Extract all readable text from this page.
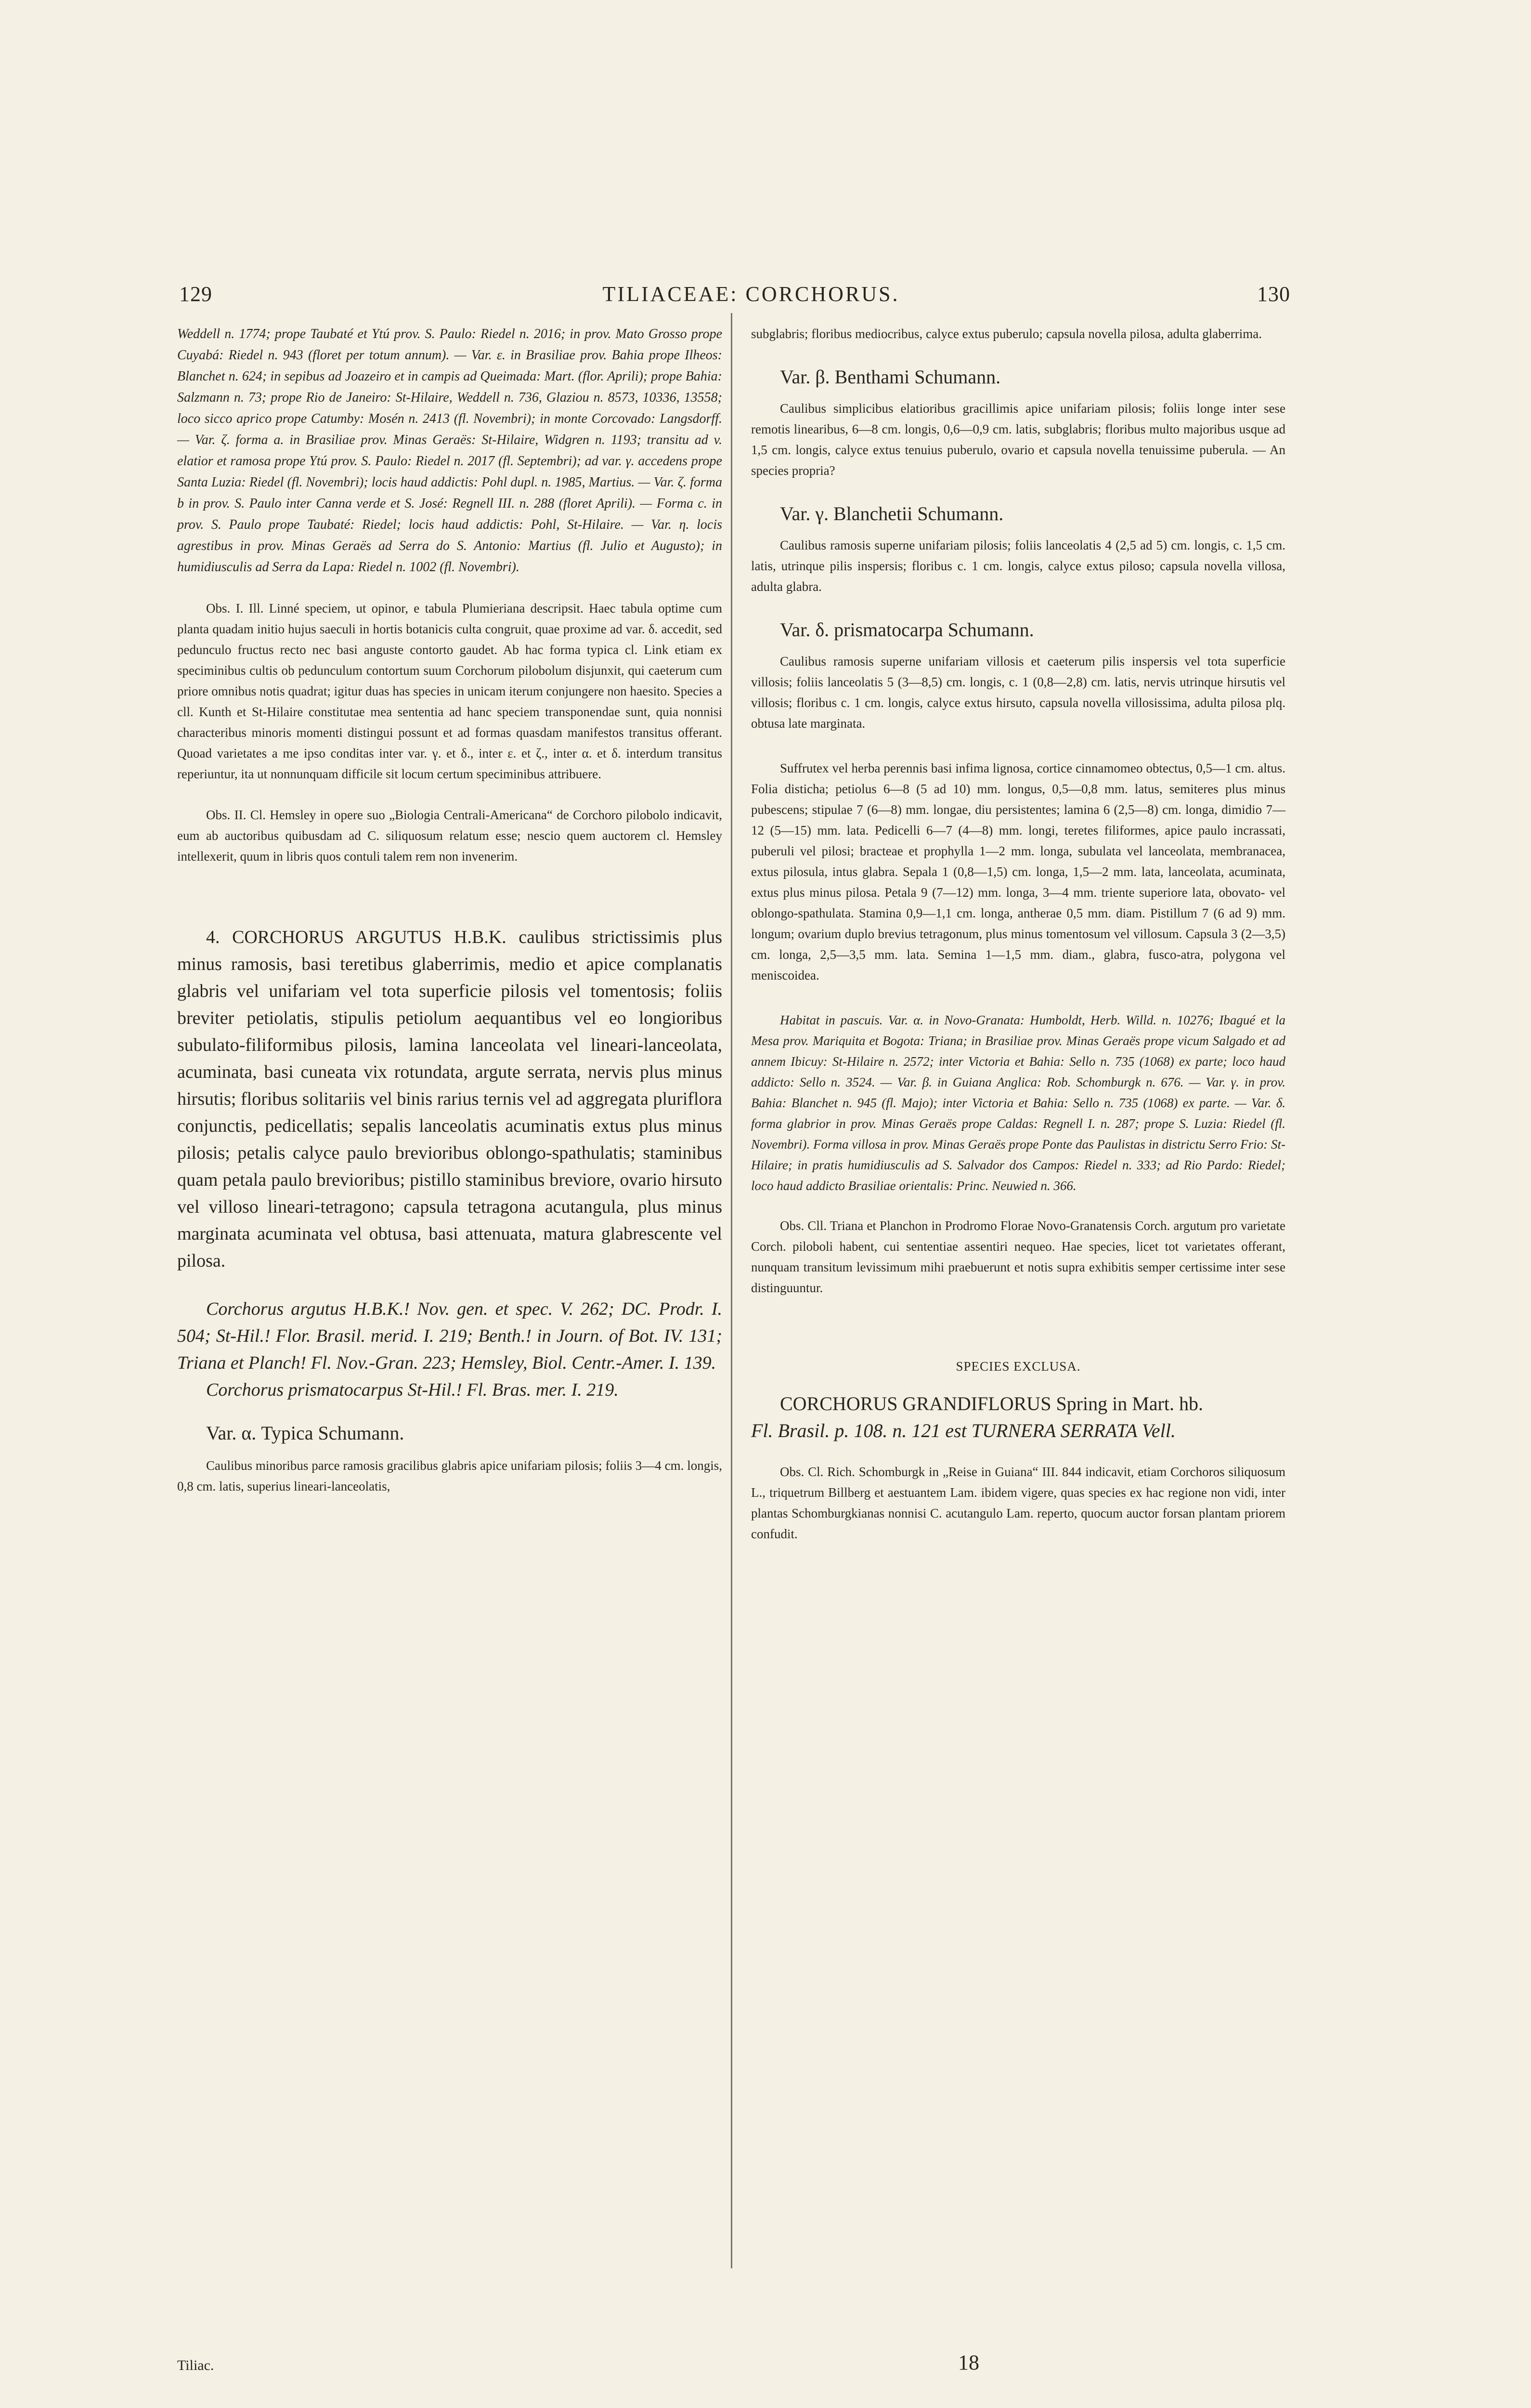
129	TILIACEAE: CORCHORUS.	130

Weddell n. 1774; prope Taubaté et Ytú prov. S. Paulo: Riedel n. 2016; in prov. Mato Grosso prope Cuyabá: Riedel n. 943 (floret per totum annum). — Var. ε. in Brasiliae prov. Bahia prope Ilheos: Blanchet n. 624; in sepibus ad Joazeiro et in campis ad Queimada: Mart. (flor. Aprili); prope Bahia: Salzmann n. 73; prope Rio de Janeiro: St-Hilaire, Weddell n. 736, Glaziou n. 8573, 10336, 13558; loco sicco aprico prope Catumby: Mosén n. 2413 (fl. Novembri); in monte Corcovado: Langsdorff. — Var. ζ. forma a. in Brasiliae prov. Minas Geraës: St-Hilaire, Widgren n. 1193; transitu ad v. elatior et ramosa prope Ytú prov. S. Paulo: Riedel n. 2017 (fl. Septembri); ad var. γ. accedens prope Santa Luzia: Riedel (fl. Novembri); locis haud addictis: Pohl dupl. n. 1985, Martius. — Var. ζ. forma b in prov. S. Paulo inter Canna verde et S. José: Regnell III. n. 288 (floret Aprili). — Forma c. in prov. S. Paulo prope Taubaté: Riedel; locis haud addictis: Pohl, St-Hilaire. — Var. η. locis agrestibus in prov. Minas Geraës ad Serra do S. Antonio: Martius (fl. Julio et Augusto); in humidiusculis ad Serra da Lapa: Riedel n. 1002 (fl. Novembri).

Obs. I. Ill. Linné speciem, ut opinor, e tabula Plumieriana descripsit. Haec tabula optime cum planta quadam initio hujus saeculi in hortis botanicis culta congruit, quae proxime ad var. δ. accedit, sed pedunculo fructus recto nec basi anguste contorto gaudet. Ab hac forma typica cl. Link etiam ex speciminibus cultis ob pedunculum contortum suum Corchorum pilobolum disjunxit, qui caeterum cum priore omnibus notis quadrat; igitur duas has species in unicam iterum conjungere non haesito. Species a cll. Kunth et St-Hilaire constitutae mea sententia ad hanc speciem transponendae sunt, quia nonnisi characteribus minoris momenti distingui possunt et ad formas quasdam manifestos transitus offerant. Quoad varietates a me ipso conditas inter var. γ. et δ., inter ε. et ζ., inter α. et δ. interdum transitus reperiuntur, ita ut nonnunquam difficile sit locum certum speciminibus attribuere.

Obs. II. Cl. Hemsley in opere suo „Biologia Centrali-Americana“ de Corchoro pilobolo indicavit, eum ab auctoribus quibusdam ad C. siliquosum relatum esse; nescio quem auctorem cl. Hemsley intellexerit, quum in libris quos contuli talem rem non invenerim.

4. CORCHORUS ARGUTUS H.B.K. caulibus strictissimis plus minus ramosis, basi teretibus glaberrimis, medio et apice complanatis glabris vel unifariam vel tota superficie pilosis vel tomentosis; foliis breviter petiolatis, stipulis petiolum aequantibus vel eo longioribus subulato-filiformibus pilosis, lamina lanceolata vel lineari-lanceolata, acuminata, basi cuneata vix rotundata, argute serrata, nervis plus minus hirsutis; floribus solitariis vel binis rarius ternis vel ad aggregata pluriflora conjunctis, pedicellatis; sepalis lanceolatis acuminatis extus plus minus pilosis; petalis calyce paulo brevioribus oblongo-spathulatis; staminibus quam petala paulo brevioribus; pistillo staminibus breviore, ovario hirsuto vel villoso lineari-tetragono; capsula tetragona acutangula, plus minus marginata acuminata vel obtusa, basi attenuata, matura glabrescente vel pilosa.

Corchorus argutus H.B.K.! Nov. gen. et spec. V. 262; DC. Prodr. I. 504; St-Hil.! Flor. Brasil. merid. I. 219; Benth.! in Journ. of Bot. IV. 131; Triana et Planch! Fl. Nov.-Gran. 223; Hemsley, Biol. Centr.-Amer. I. 139.

Corchorus prismatocarpus St-Hil.! Fl. Bras. mer. I. 219.

Var. α. Typica Schumann.

Caulibus minoribus parce ramosis gracilibus glabris apice unifariam pilosis; foliis 3—4 cm. longis, 0,8 cm. latis, superius lineari-lanceolatis,

Tiliac.

subglabris; floribus mediocribus, calyce extus puberulo; capsula novella pilosa, adulta glaberrima.

Var. β. Benthami Schumann.

Caulibus simplicibus elatioribus gracillimis apice unifariam pilosis; foliis longe inter sese remotis linearibus, 6—8 cm. longis, 0,6—0,9 cm. latis, subglabris; floribus multo majoribus usque ad 1,5 cm. longis, calyce extus tenuius puberulo, ovario et capsula novella tenuissime puberula. — An species propria?

Var. γ. Blanchetii Schumann.

Caulibus ramosis superne unifariam pilosis; foliis lanceolatis 4 (2,5 ad 5) cm. longis, c. 1,5 cm. latis, utrinque pilis inspersis; floribus c. 1 cm. longis, calyce extus piloso; capsula novella villosa, adulta glabra.

Var. δ. prismatocarpa Schumann.

Caulibus ramosis superne unifariam villosis et caeterum pilis inspersis vel tota superficie villosis; foliis lanceolatis 5 (3—8,5) cm. longis, c. 1 (0,8—2,8) cm. latis, nervis utrinque hirsutis vel villosis; floribus c. 1 cm. longis, calyce extus hirsuto, capsula novella villosissima, adulta pilosa plq. obtusa late marginata.

Suffrutex vel herba perennis basi infima lignosa, cortice cinnamomeo obtectus, 0,5—1 cm. altus. Folia disticha; petiolus 6—8 (5 ad 10) mm. longus, 0,5—0,8 mm. latus, semiteres plus minus pubescens; stipulae 7 (6—8) mm. longae, diu persistentes; lamina 6 (2,5—8) cm. longa, dimidio 7—12 (5—15) mm. lata. Pedicelli 6—7 (4—8) mm. longi, teretes filiformes, apice paulo incrassati, puberuli vel pilosi; bracteae et prophylla 1—2 mm. longa, subulata vel lanceolata, membranacea, extus pilosula, intus glabra. Sepala 1 (0,8—1,5) cm. longa, 1,5—2 mm. lata, lanceolata, acuminata, extus plus minus pilosa. Petala 9 (7—12) mm. longa, 3—4 mm. triente superiore lata, obovato- vel oblongo-spathulata. Stamina 0,9—1,1 cm. longa, antherae 0,5 mm. diam. Pistillum 7 (6 ad 9) mm. longum; ovarium duplo brevius tetragonum, plus minus tomentosum vel villosum. Capsula 3 (2—3,5) cm. longa, 2,5—3,5 mm. lata. Semina 1—1,5 mm. diam., glabra, fusco-atra, polygona vel meniscoidea.

Habitat in pascuis. Var. α. in Novo-Granata: Humboldt, Herb. Willd. n. 10276; Ibagué et la Mesa prov. Mariquita et Bogota: Triana; in Brasiliae prov. Minas Geraës prope vicum Salgado et ad annem Ibicuy: St-Hilaire n. 2572; inter Victoria et Bahia: Sello n. 735 (1068) ex parte; loco haud addicto: Sello n. 3524. — Var. β. in Guiana Anglica: Rob. Schomburgk n. 676. — Var. γ. in prov. Bahia: Blanchet n. 945 (fl. Majo); inter Victoria et Bahia: Sello n. 735 (1068) ex parte. — Var. δ. forma glabrior in prov. Minas Geraës prope Caldas: Regnell I. n. 287; prope S. Luzia: Riedel (fl. Novembri). Forma villosa in prov. Minas Geraës prope Ponte das Paulistas in districtu Serro Frio: St-Hilaire; in pratis humidiusculis ad S. Salvador dos Campos: Riedel n. 333; ad Rio Pardo: Riedel; loco haud addicto Brasiliae orientalis: Princ. Neuwied n. 366.

Obs. Cll. Triana et Planchon in Prodromo Florae Novo-Granatensis Corch. argutum pro varietate Corch. piloboli habent, cui sententiae assentiri nequeo. Hae species, licet tot varietates offerant, nunquam transitum levissimum mihi praebuerunt et notis supra exhibitis semper certissime inter sese distinguuntur.

SPECIES EXCLUSA.

CORCHORUS GRANDIFLORUS Spring in Mart. hb.

Fl. Brasil. p. 108. n. 121 est TURNERA SERRATA Vell.

Obs. Cl. Rich. Schomburgk in „Reise in Guiana“ III. 844 indicavit, etiam Corchoros siliquosum L., triquetrum Billberg et aestuantem Lam. ibidem vigere, quas species ex hac regione non vidi, inter plantas Schomburgkianas nonnisi C. acutangulo Lam. reperto, quocum auctor forsan plantam priorem confudit.

18
